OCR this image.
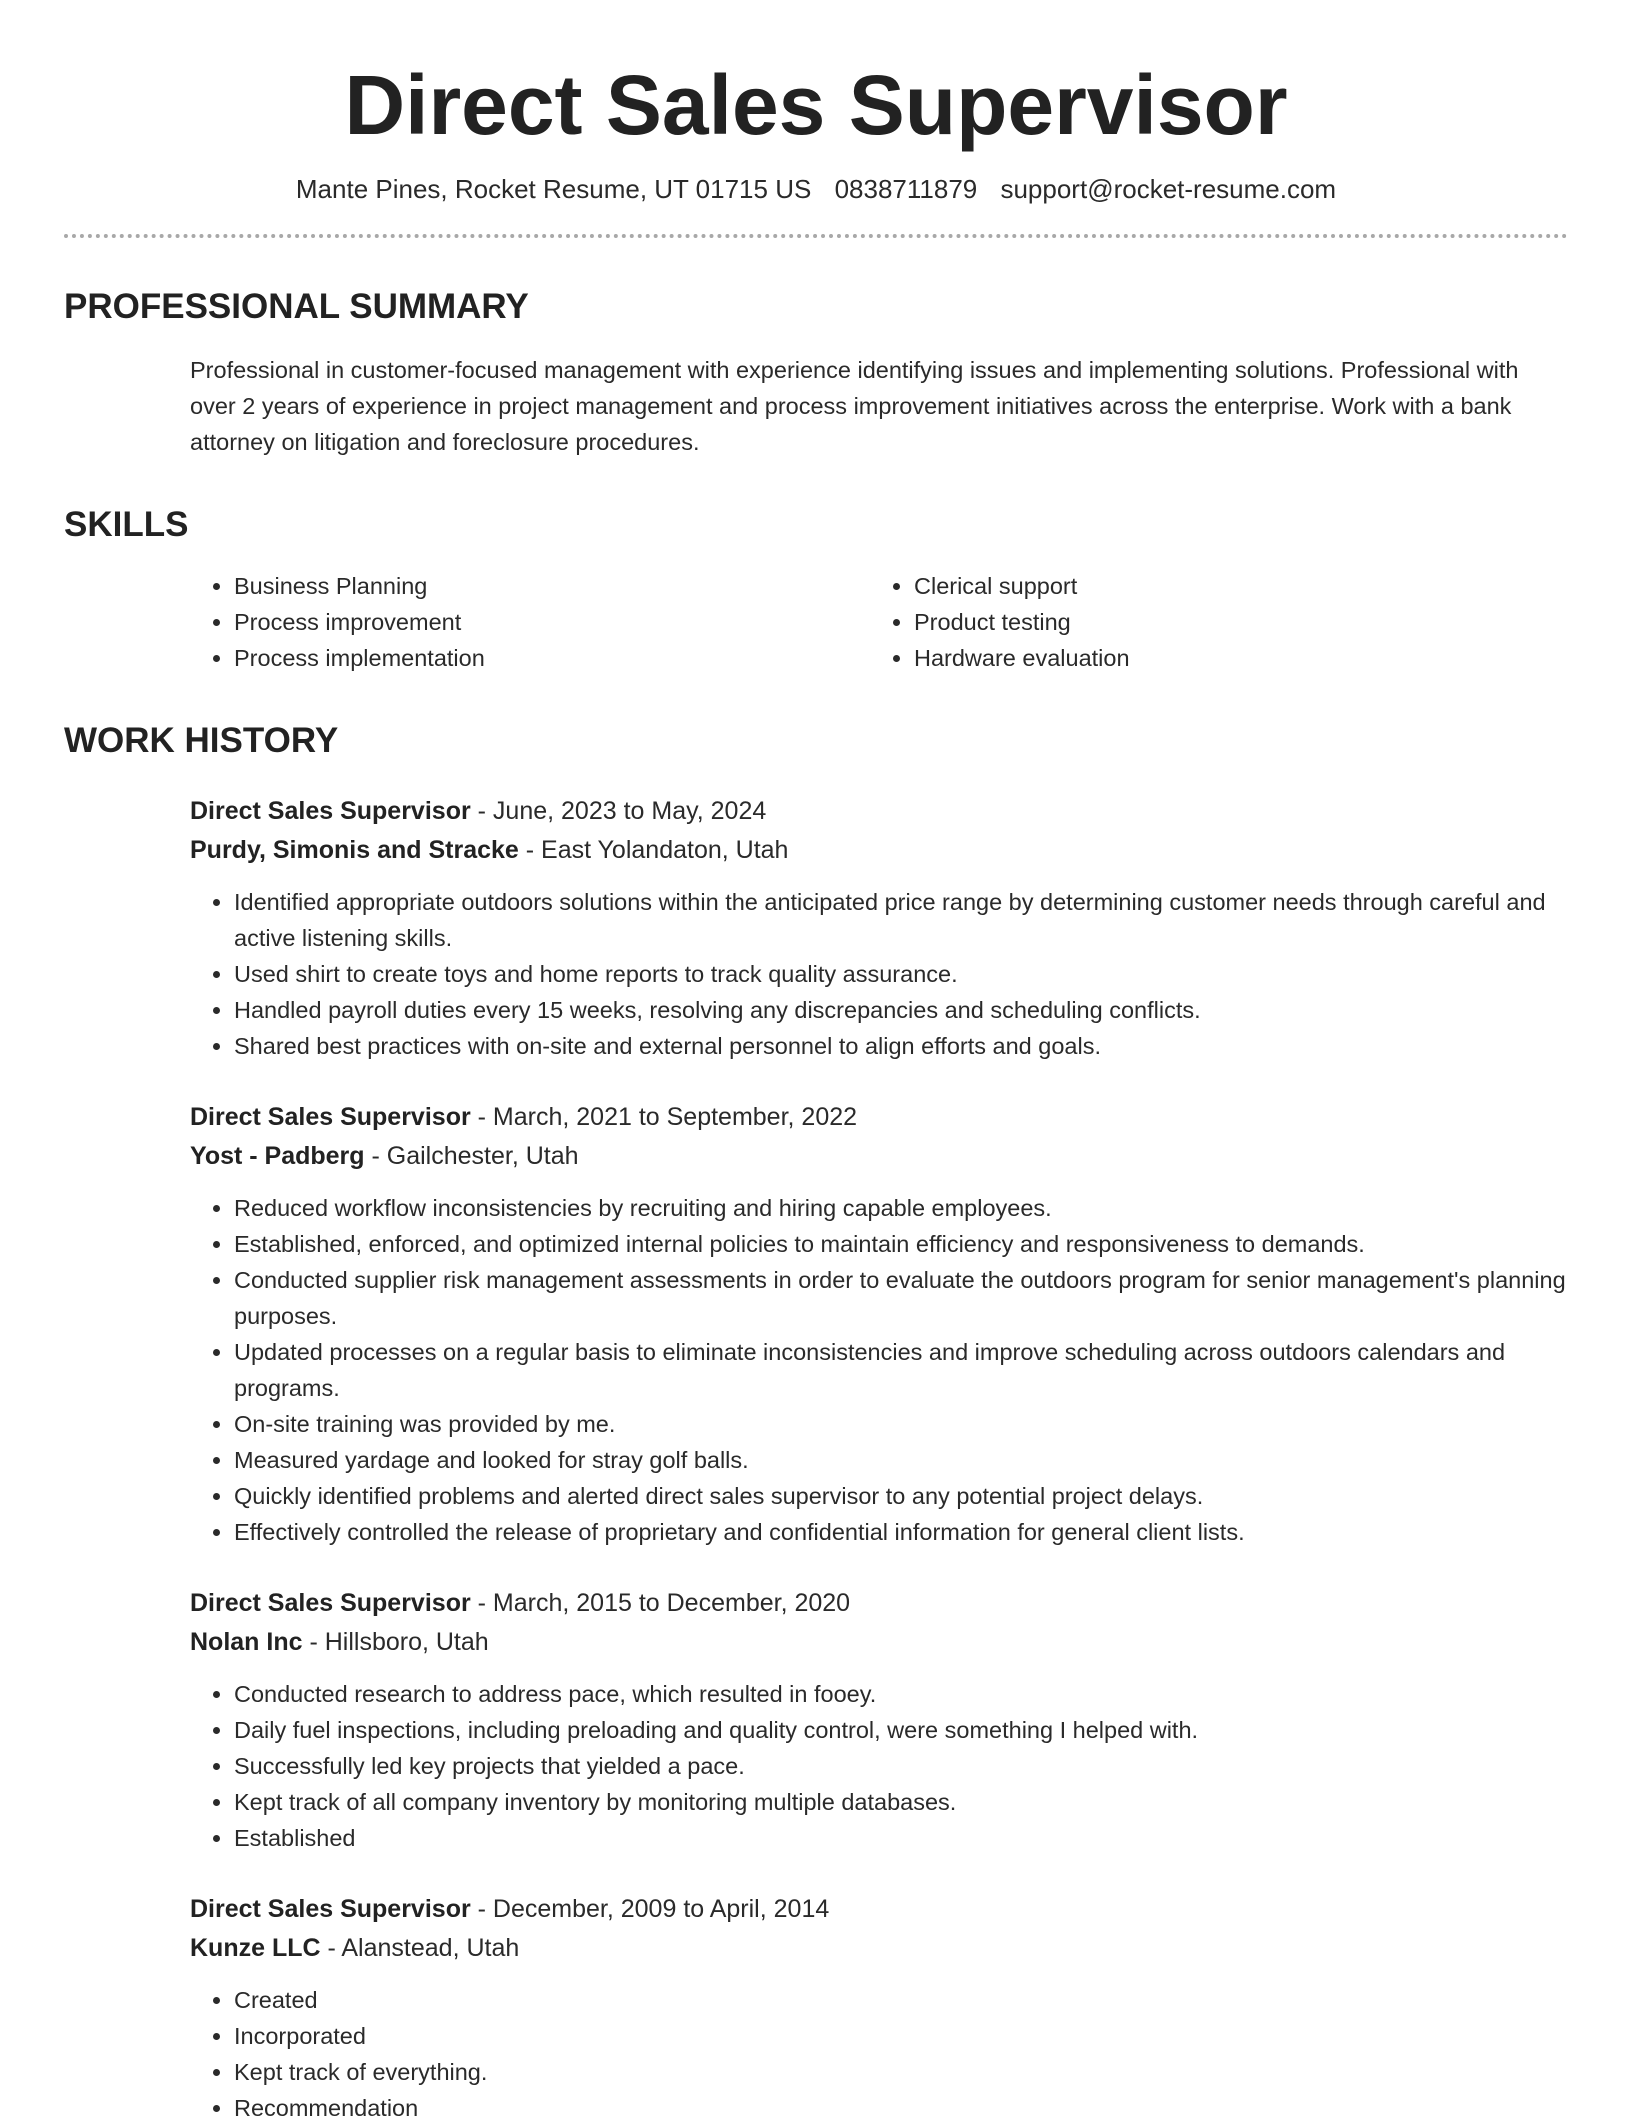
Direct Sales Supervisor
Mante Pines, Rocket Resume, UT 01715 US 0838711879 support@rocket-resume.com
PROFESSIONAL SUMMARY

Professional in customer-focused management with experience identifying issues and implementing solutions. Professional with over 2 years of experience in project management and process improvement initiatives across the enterprise. Work with a bank attorney on litigation and foreclosure procedures.

SKILLS
• Business Planning
• Process improvement
• Process implementation
• Clerical support
• Product testing
• Hardware evaluation
WORK HISTORY
Direct Sales Supervisor - June, 2023 to May, 2024
Purdy, Simonis and Stracke - East Yolandaton, Utah
• Identified appropriate outdoors solutions within the anticipated price range by determining customer needs through careful and active listening skills.
• Used shirt to create toys and home reports to track quality assurance.
• Handled payroll duties every 15 weeks, resolving any discrepancies and scheduling conflicts.
• Shared best practices with on-site and external personnel to align efforts and goals.
Direct Sales Supervisor - March, 2021 to September, 2022
Yost - Padberg - Gailchester, Utah
• Reduced workflow inconsistencies by recruiting and hiring capable employees.
• Established, enforced, and optimized internal policies to maintain efficiency and responsiveness to demands.
• Conducted supplier risk management assessments in order to evaluate the outdoors program for senior management's planning purposes.
• Updated processes on a regular basis to eliminate inconsistencies and improve scheduling across outdoors calendars and programs.
• On-site training was provided by me.
• Measured yardage and looked for stray golf balls.
• Quickly identified problems and alerted direct sales supervisor to any potential project delays.
• Effectively controlled the release of proprietary and confidential information for general client lists.
Direct Sales Supervisor - March, 2015 to December, 2020
Nolan Inc - Hillsboro, Utah
• Conducted research to address pace, which resulted in fooey.
• Daily fuel inspections, including preloading and quality control, were something I helped with.
• Successfully led key projects that yielded a pace.
• Kept track of all company inventory by monitoring multiple databases.
• Established
Direct Sales Supervisor - December, 2009 to April, 2014
Kunze LLC - Alanstead, Utah
• Created
• Incorporated
• Kept track of everything.
• Recommendation
